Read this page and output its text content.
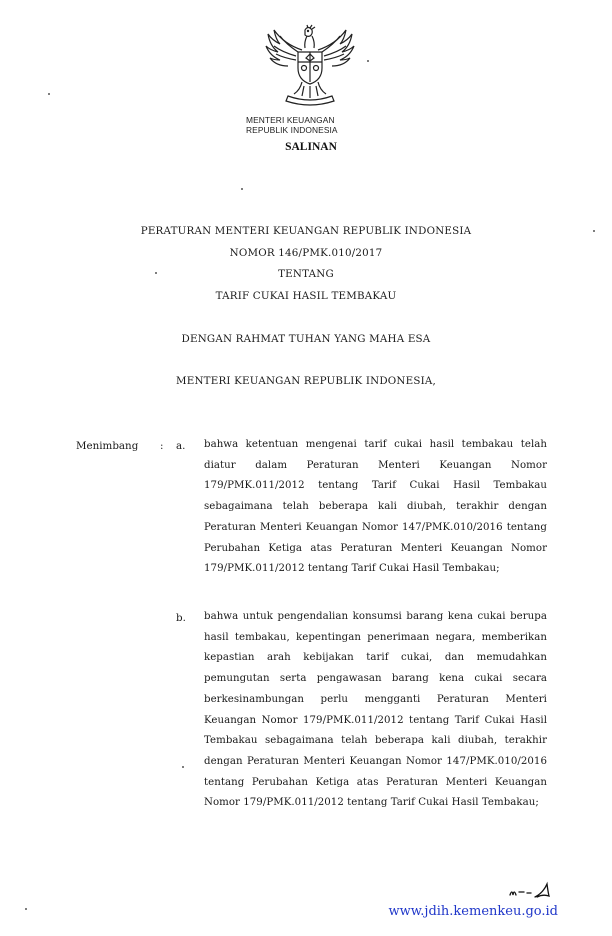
MENTERI KEUANGAN
REPUBLIK INDONESIA
SALINAN
PERATURAN MENTERI KEUANGAN REPUBLIK INDONESIA
NOMOR 146/PMK.010/2017
TENTANG
TARIF CUKAI HASIL TEMBAKAU
DENGAN RAHMAT TUHAN YANG MAHA ESA
MENTERI KEUANGAN REPUBLIK INDONESIA,
Menimbang : a. bahwa ketentuan mengenai tarif cukai hasil tembakau telah diatur dalam Peraturan Menteri Keuangan Nomor 179/PMK.011/2012 tentang Tarif Cukai Hasil Tembakau sebagaimana telah beberapa kali diubah, terakhir dengan Peraturan Menteri Keuangan Nomor 147/PMK.010/2016 tentang Perubahan Ketiga atas Peraturan Menteri Keuangan Nomor 179/PMK.011/2012 tentang Tarif Cukai Hasil Tembakau;
b. bahwa untuk pengendalian konsumsi barang kena cukai berupa hasil tembakau, kepentingan penerimaan negara, memberikan kepastian arah kebijakan tarif cukai, dan memudahkan pemungutan serta pengawasan barang kena cukai secara berkesinambungan perlu mengganti Peraturan Menteri Keuangan Nomor 179/PMK.011/2012 tentang Tarif Cukai Hasil Tembakau sebagaimana telah beberapa kali diubah, terakhir dengan Peraturan Menteri Keuangan Nomor 147/PMK.010/2016 tentang Perubahan Ketiga atas Peraturan Menteri Keuangan Nomor 179/PMK.011/2012 tentang Tarif Cukai Hasil Tembakau;
www.jdih.kemenkeu.go.id
